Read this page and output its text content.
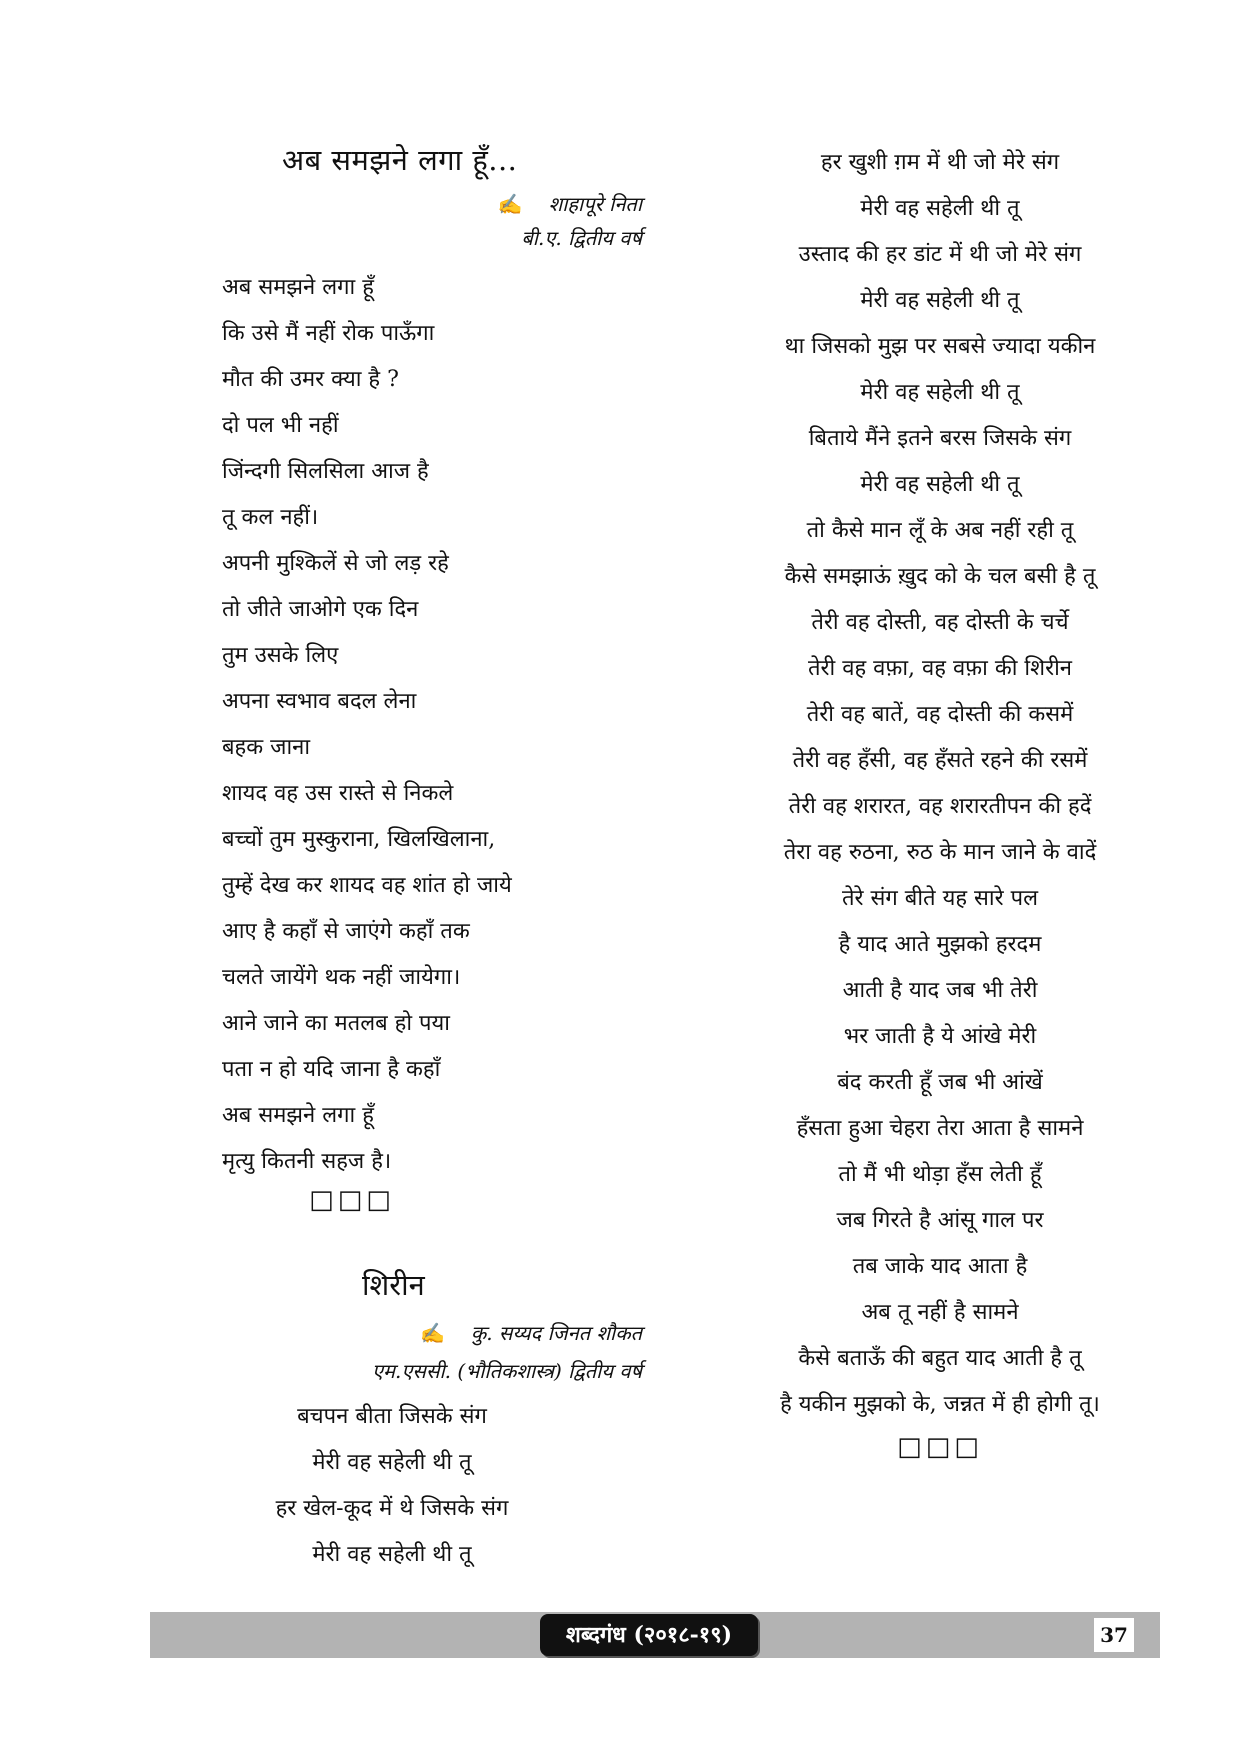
अब समझने लगा हूँ...
✍ शाहापूरे निता
बी.ए. द्वितीय वर्ष
अब समझने लगा हूँ
कि उसे मैं नहीं रोक पाऊँगा
मौत की उमर क्या है ?
दो पल भी नहीं
जिंन्दगी सिलसिला आज है
तू कल नहीं।
अपनी मुश्किलें से जो लड़ रहे
तो जीते जाओगे एक दिन
तुम उसके लिए
अपना स्वभाव बदल लेना
बहक जाना
शायद वह उस रास्ते से निकले
बच्चों तुम मुस्कुराना, खिलखिलाना,
तुम्हें देख कर शायद वह शांत हो जाये
आए है कहाँ से जाएंगे कहाँ तक
चलते जायेंगे थक नहीं जायेगा।
आने जाने का मतलब हो पया
पता न हो यदि जाना है कहाँ
अब समझने लगा हूँ
मृत्यु कितनी सहज है।
□□□
शिरीन
✍ कु. सय्यद जिनत शौकत
एम.एससी. (भौतिकशास्त्र) द्वितीय वर्ष
बचपन बीता जिसके संग
मेरी वह सहेली थी तू
हर खेल-कूद में थे जिसके संग
मेरी वह सहेली थी तू
हर खुशी ग़म में थी जो मेरे संग
मेरी वह सहेली थी तू
उस्ताद की हर डांट में थी जो मेरे संग
मेरी वह सहेली थी तू
था जिसको मुझ पर सबसे ज्यादा यकीन
मेरी वह सहेली थी तू
बिताये मैंने इतने बरस जिसके संग
मेरी वह सहेली थी तू
तो कैसे मान लूँ के अब नहीं रही तू
कैसे समझाऊं ख़ुद को के चल बसी है तू
तेरी वह दोस्ती, वह दोस्ती के चर्चे
तेरी वह वफ़ा, वह वफ़ा की शिरीन
तेरी वह बातें, वह दोस्ती की कसमें
तेरी वह हँसी, वह हँसते रहने की रसमें
तेरी वह शरारत, वह शरारतीपन की हदें
तेरा वह रुठना, रुठ के मान जाने के वादें
तेरे संग बीते यह सारे पल
है याद आते मुझको हरदम
आती है याद जब भी तेरी
भर जाती है ये आंखे मेरी
बंद करती हूँ जब भी आंखें
हँसता हुआ चेहरा तेरा आता है सामने
तो मैं भी थोड़ा हँस लेती हूँ
जब गिरते है आंसू गाल पर
तब जाके याद आता है
अब तू नहीं है सामने
कैसे बताऊँ की बहुत याद आती है तू
है यकीन मुझको के, जन्नत में ही होगी तू।
□□□
शब्दगंध (२०१८-१९)	37
